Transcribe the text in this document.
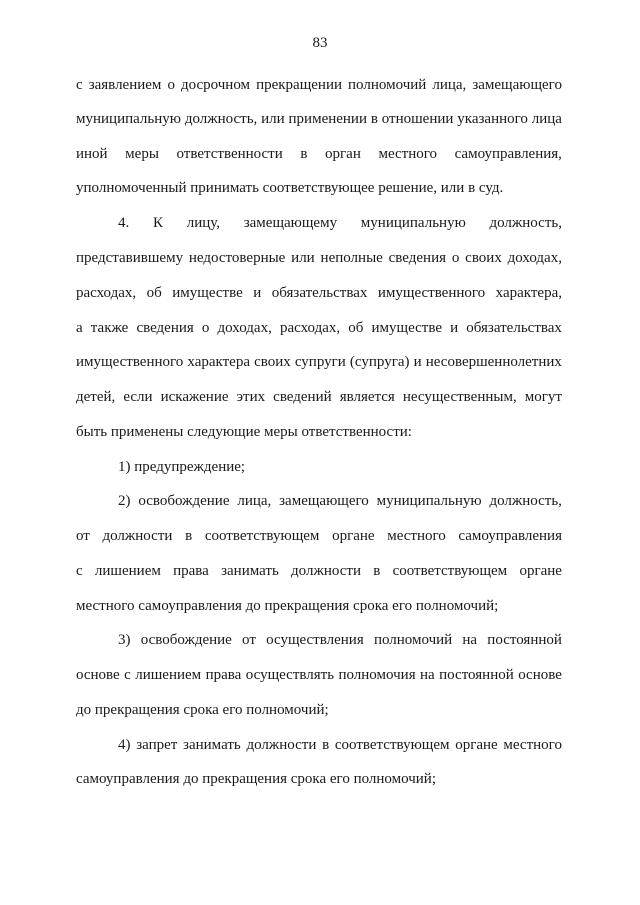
83
с заявлением о досрочном прекращении полномочий лица, замещающего
муниципальную должность, или применении в отношении указанного лица
иной меры ответственности в орган местного самоуправления,
уполномоченный принимать соответствующее решение, или в суд.
4. К лицу, замещающему муниципальную должность,
представившему недостоверные или неполные сведения о своих доходах,
расходах, об имуществе и обязательствах имущественного характера,
а также сведения о доходах, расходах, об имуществе и обязательствах
имущественного характера своих супруги (супруга) и несовершеннолетних
детей, если искажение этих сведений является несущественным, могут
быть применены следующие меры ответственности:
1) предупреждение;
2) освобождение лица, замещающего муниципальную должность,
от должности в соответствующем органе местного самоуправления
с лишением права занимать должности в соответствующем органе
местного самоуправления до прекращения срока его полномочий;
3) освобождение от осуществления полномочий на постоянной
основе с лишением права осуществлять полномочия на постоянной основе
до прекращения срока его полномочий;
4) запрет занимать должности в соответствующем органе местного
самоуправления до прекращения срока его полномочий;
